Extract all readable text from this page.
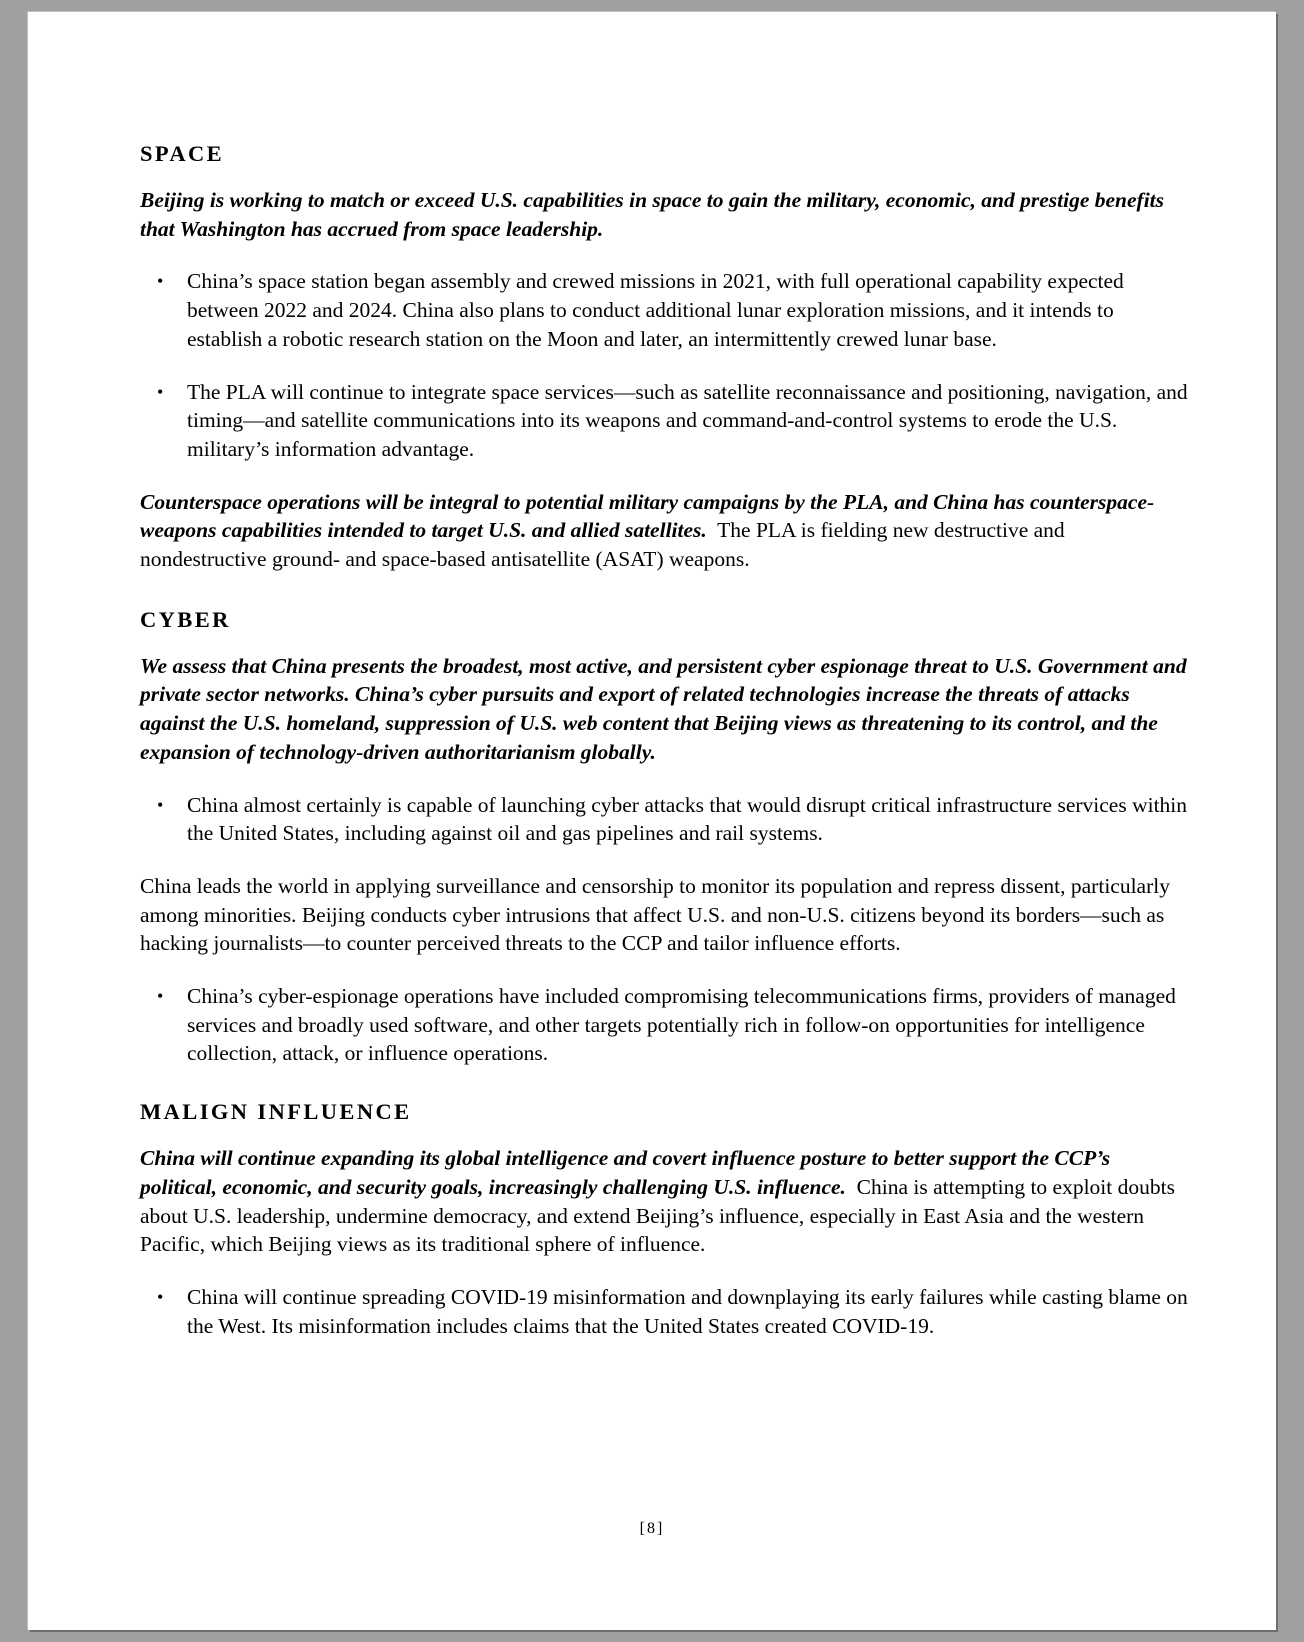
SPACE

Beijing is working to match or exceed U.S. capabilities in space to gain the military, economic, and prestige benefits that Washington has accrued from space leadership.

• China’s space station began assembly and crewed missions in 2021, with full operational capability expected between 2022 and 2024. China also plans to conduct additional lunar exploration missions, and it intends to establish a robotic research station on the Moon and later, an intermittently crewed lunar base.
• The PLA will continue to integrate space services—such as satellite reconnaissance and positioning, navigation, and timing—and satellite communications into its weapons and command-and-control systems to erode the U.S. military’s information advantage.

Counterspace operations will be integral to potential military campaigns by the PLA, and China has counterspace-weapons capabilities intended to target U.S. and allied satellites.  The PLA is fielding new destructive and nondestructive ground- and space-based antisatellite (ASAT) weapons.

CYBER

We assess that China presents the broadest, most active, and persistent cyber espionage threat to U.S. Government and private sector networks. China’s cyber pursuits and export of related technologies increase the threats of attacks against the U.S. homeland, suppression of U.S. web content that Beijing views as threatening to its control, and the expansion of technology-driven authoritarianism globally.

• China almost certainly is capable of launching cyber attacks that would disrupt critical infrastructure services within the United States, including against oil and gas pipelines and rail systems.

China leads the world in applying surveillance and censorship to monitor its population and repress dissent, particularly among minorities. Beijing conducts cyber intrusions that affect U.S. and non-U.S. citizens beyond its borders—such as hacking journalists—to counter perceived threats to the CCP and tailor influence efforts.

• China’s cyber-espionage operations have included compromising telecommunications firms, providers of managed services and broadly used software, and other targets potentially rich in follow-on opportunities for intelligence collection, attack, or influence operations.
MALIGN INFLUENCE

China will continue expanding its global intelligence and covert influence posture to better support the CCP’s political, economic, and security goals, increasingly challenging U.S. influence.  China is attempting to exploit doubts about U.S. leadership, undermine democracy, and extend Beijing’s influence, especially in East Asia and the western Pacific, which Beijing views as its traditional sphere of influence.

• China will continue spreading COVID-19 misinformation and downplaying its early failures while casting blame on the West. Its misinformation includes claims that the United States created COVID-19.
[8]
